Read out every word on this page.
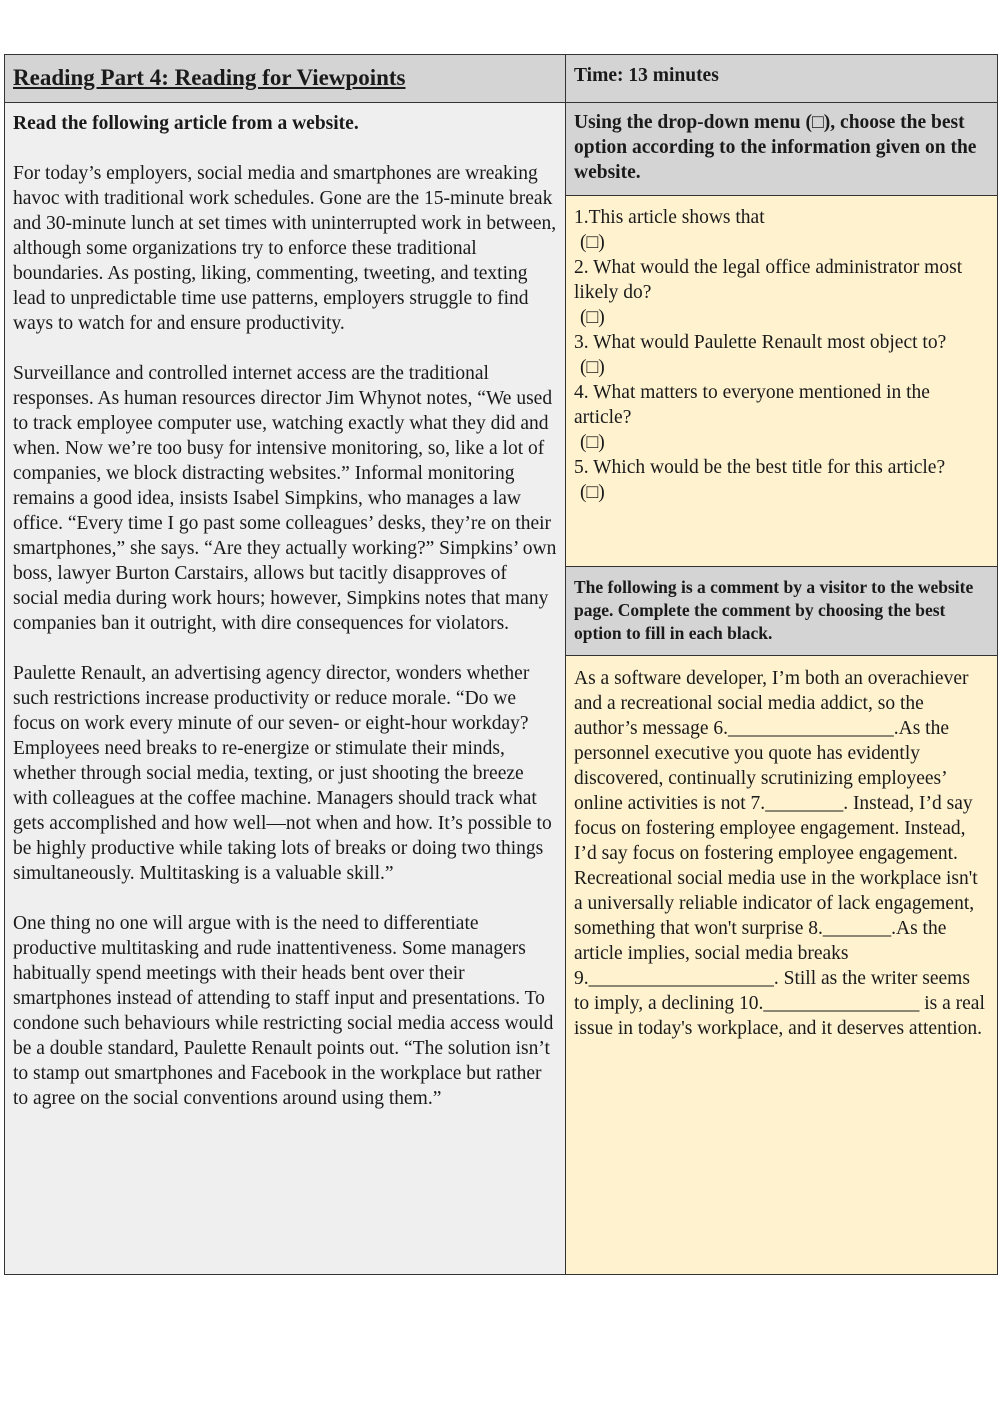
Reading Part 4: Reading for Viewpoints

Read the following article from a website.

For today’s employers, social media and smartphones are wreaking havoc with traditional work schedules. Gone are the 15-minute break and 30-minute lunch at set times with uninterrupted work in between, although some organizations try to enforce these traditional boundaries. As posting, liking, commenting, tweeting, and texting lead to unpredictable time use patterns, employers struggle to find ways to watch for and ensure productivity.

Surveillance and controlled internet access are the traditional responses. As human resources director Jim Whynot notes, “We used to track employee computer use, watching exactly what they did and when. Now we’re too busy for intensive monitoring, so, like a lot of companies, we block distracting websites.” Informal monitoring remains a good idea, insists Isabel Simpkins, who manages a law office. “Every time I go past some colleagues’ desks, they’re on their smartphones,” she says. “Are they actually working?” Simpkins’ own boss, lawyer Burton Carstairs, allows but tacitly disapproves of social media during work hours; however, Simpkins notes that many companies ban it outright, with dire consequences for violators.

Paulette Renault, an advertising agency director, wonders whether such restrictions increase productivity or reduce morale. “Do we focus on work every minute of our seven- or eight-hour workday? Employees need breaks to re-energize or stimulate their minds, whether through social media, texting, or just shooting the breeze with colleagues at the coffee machine. Managers should track what gets accomplished and how well—not when and how. It’s possible to be highly productive while taking lots of breaks or doing two things simultaneously. Multitasking is a valuable skill.”

One thing no one will argue with is the need to differentiate productive multitasking and rude inattentiveness. Some managers habitually spend meetings with their heads bent over their smartphones instead of attending to staff input and presentations. To condone such behaviours while restricting social media access would be a double standard, Paulette Renault points out. “The solution isn’t to stamp out smartphones and Facebook in the workplace but rather to agree on the social conventions around using them.”

Time: 13 minutes
Using the drop-down menu (□), choose the best option according to the information given on the website.

1.This article shows that

(□)

2. What would the legal office administrator most likely do?

(□)

3. What would Paulette Renault most object to?

(□)

4. What matters to everyone mentioned in the article?

(□)

5. Which would be the best title for this article?

(□)

The following is a comment by a visitor to the website page. Complete the comment by choosing the best option to fill in each black.
As a software developer, I’m both an overachiever and a recreational social media addict, so the author’s message 6._________________.As the personnel executive you quote has evidently discovered, continually scrutinizing employees’ online activities is not 7.________. Instead, I’d say focus on fostering employee engagement. Instead, I’d say focus on fostering employee engagement. Recreational social media use in the workplace isn't a universally reliable indicator of lack engagement, something that won't surprise 8._______.As the article implies, social media breaks 9.___________________. Still as the writer seems to imply, a declining 10.________________ is a real issue in today's workplace, and it deserves attention.
